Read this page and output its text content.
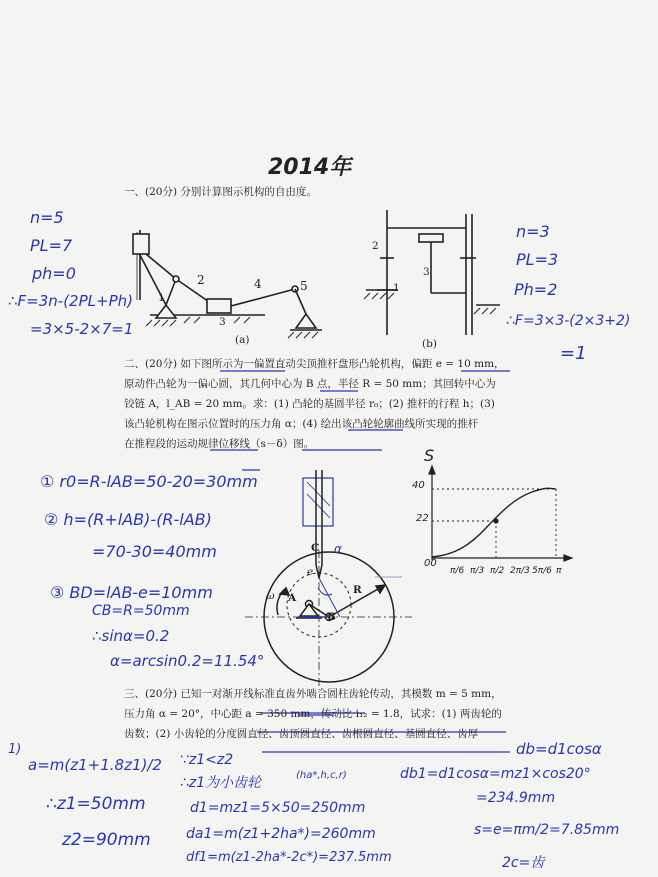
2014年
一、(20分) 分别计算图示机构的自由度。
(a)	(b)
1
2
3
4	5	1
2
3
n=5
PL=7
ph=0
∴F=3n-(2PL+Ph)
=3×5-2×7=1
n=3
PL=3
Ph=2
∴F=3×3-(2×3+2)
=1
二、(20分) 如下图所示为一偏置直动尖顶推杆盘形凸轮机构，偏距 e = 10 mm，
原动件凸轮为一偏心圆，其几何中心为 B 点，半径 R = 50 mm；其回转中心为
铰链 A，l_AB = 20 mm。求：(1) 凸轮的基圆半径 r₀；(2) 推杆的行程 h；(3)
该凸轮机构在图示位置时的压力角 α；(4) 绘出该凸轮轮廓曲线所实现的推杆
在推程段的运动规律位移线（s－δ）图。
① r0=R-lAB=50-20=30mm
② h=(R+lAB)-(R-lAB)
=70-30=40mm
③ BD=lAB-e=10mm
CB=R=50mm
∴sinα=0.2
α=arcsin0.2=11.54°
C α
R
A
B
ω
e
S
40
22
00
π/6 π/3 π/2 2π/3 5π/6 π
三、(20分) 已知一对渐开线标准直齿外啮合圆柱齿轮传动，其模数 m = 5 mm，
压力角 α = 20°，中心距 a = 350 mm，传动比 i₁₂ = 1.8，试求：(1) 两齿轮的
齿数；(2) 小齿轮的分度圆直径、齿顶圆直径、齿根圆直径、基圆直径、齿厚
1)
a=m(z1+1.8z1)/2
∴z1=50mm
z2=90mm
∵z1<z2
∴z1为小齿轮
d1=mz1=5×50=250mm
da1=m(z1+2ha*)=260mm
df1=m(z1-2ha*-2c*)=237.5mm
(ha*,h,c,r)
db=d1cosα
db1=d1cosα=mz1×cos20°
=234.9mm
s=e=πm/2=7.85mm
2c=齿
